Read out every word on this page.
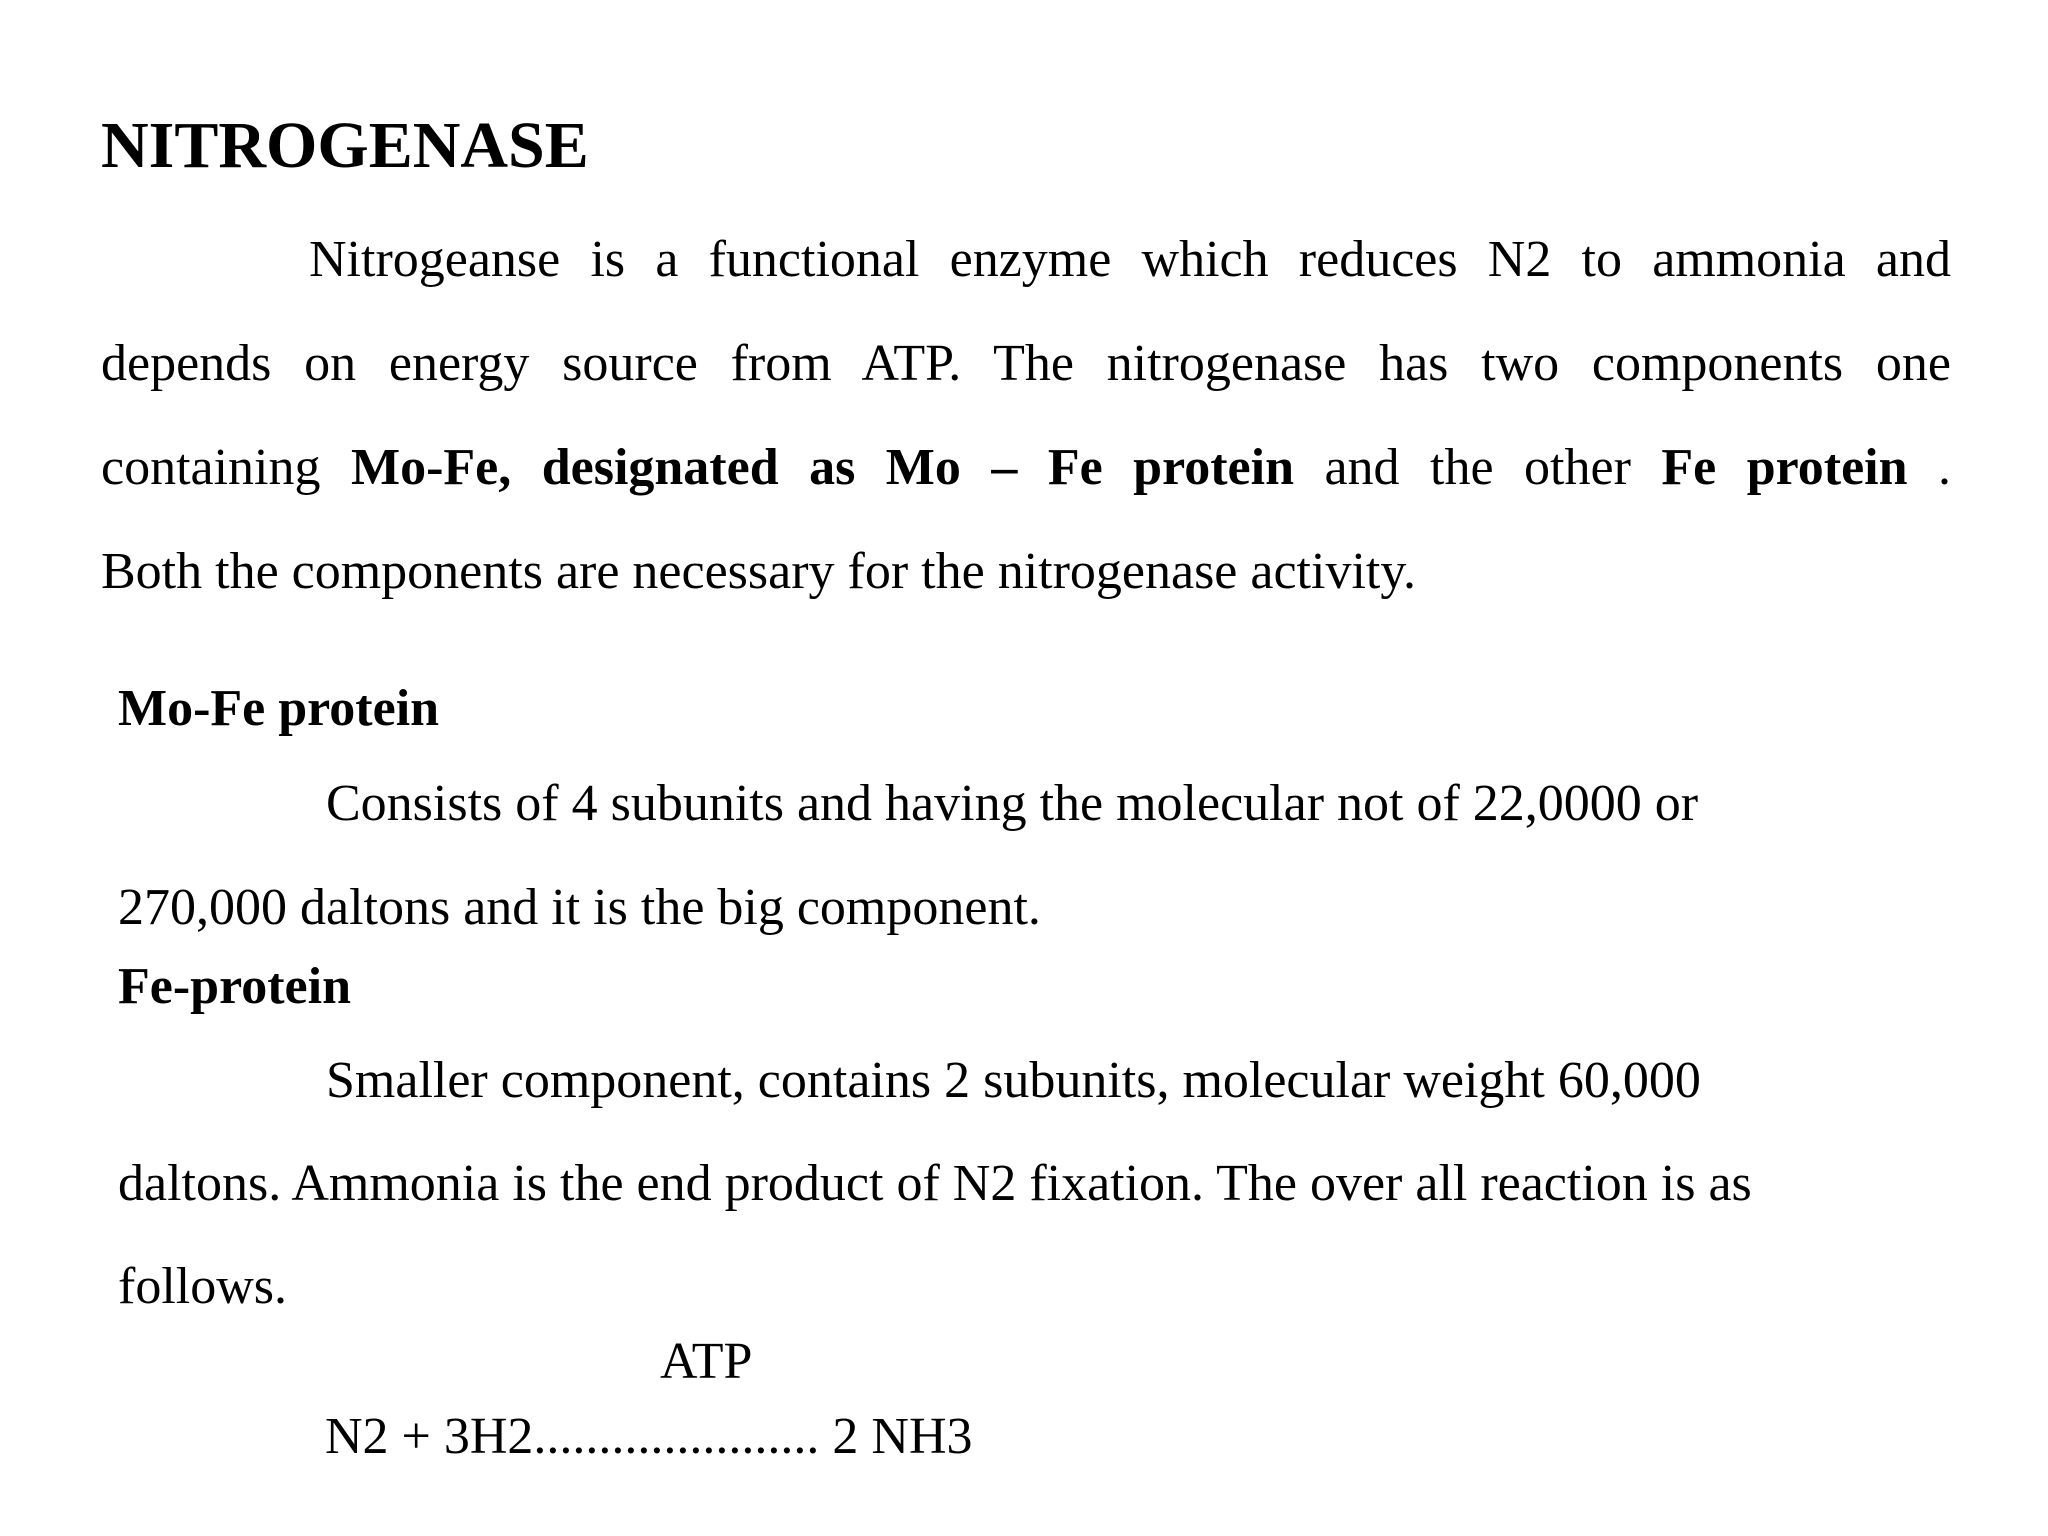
NITROGENASE
Nitrogeanse is a functional enzyme which reduces N2 to ammonia and
depends on energy source from ATP. The nitrogenase has two components one
containing Mo-Fe, designated as Mo – Fe protein and the other Fe protein .
Both the components are necessary for the nitrogenase activity.
Mo-Fe protein
Consists of 4 subunits and having the molecular not of 22,0000 or
270,000 daltons and it is the big component.
Fe-protein
Smaller component, contains 2 subunits, molecular weight 60,000
daltons. Ammonia is the end product of N2 fixation. The over all reaction is as
follows.
ATP
N2 + 3H2...................... 2 NH3
